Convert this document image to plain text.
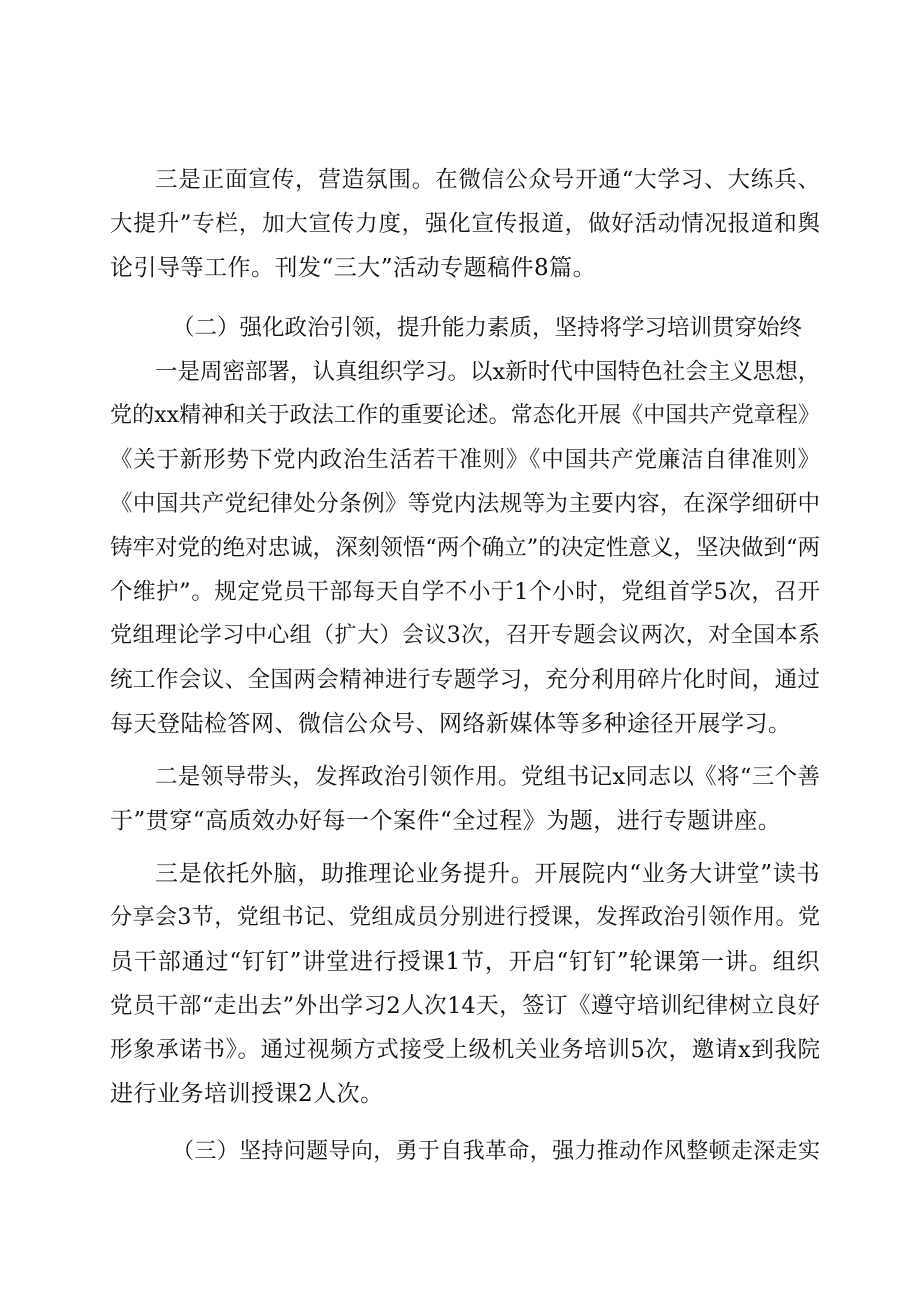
三是正面宣传，营造氛围。在微信公众号开通“大学习、大练兵、
大提升”专栏，加大宣传力度，强化宣传报道，做好活动情况报道和舆
论引导等工作。刊发“三大”活动专题稿件8篇。
（二）强化政治引领，提升能力素质，坚持将学习培训贯穿始终
一是周密部署，认真组织学习。以x新时代中国特色社会主义思想，
党的xx精神和关于政法工作的重要论述。常态化开展《中国共产党章程》
《关于新形势下党内政治生活若干准则》《中国共产党廉洁自律准则》
《中国共产党纪律处分条例》等党内法规等为主要内容，在深学细研中
铸牢对党的绝对忠诚，深刻领悟“两个确立”的决定性意义，坚决做到“两
个维护”。规定党员干部每天自学不小于1个小时，党组首学5次，召开
党组理论学习中心组（扩大）会议3次，召开专题会议两次，对全国本系
统工作会议、全国两会精神进行专题学习，充分利用碎片化时间，通过
每天登陆检答网、微信公众号、网络新媒体等多种途径开展学习。
二是领导带头，发挥政治引领作用。党组书记x同志以《将“三个善
于”贯穿“高质效办好每一个案件“全过程》为题，进行专题讲座。
三是依托外脑，助推理论业务提升。开展院内“业务大讲堂”读书
分享会3节，党组书记、党组成员分别进行授课，发挥政治引领作用。党
员干部通过“钉钉”讲堂进行授课1节，开启“钉钉”轮课第一讲。组织
党员干部“走出去”外出学习2人次14天，签订《遵守培训纪律树立良好
形象承诺书》。通过视频方式接受上级机关业务培训5次，邀请x到我院
进行业务培训授课2人次。
（三）坚持问题导向，勇于自我革命，强力推动作风整顿走深走实
